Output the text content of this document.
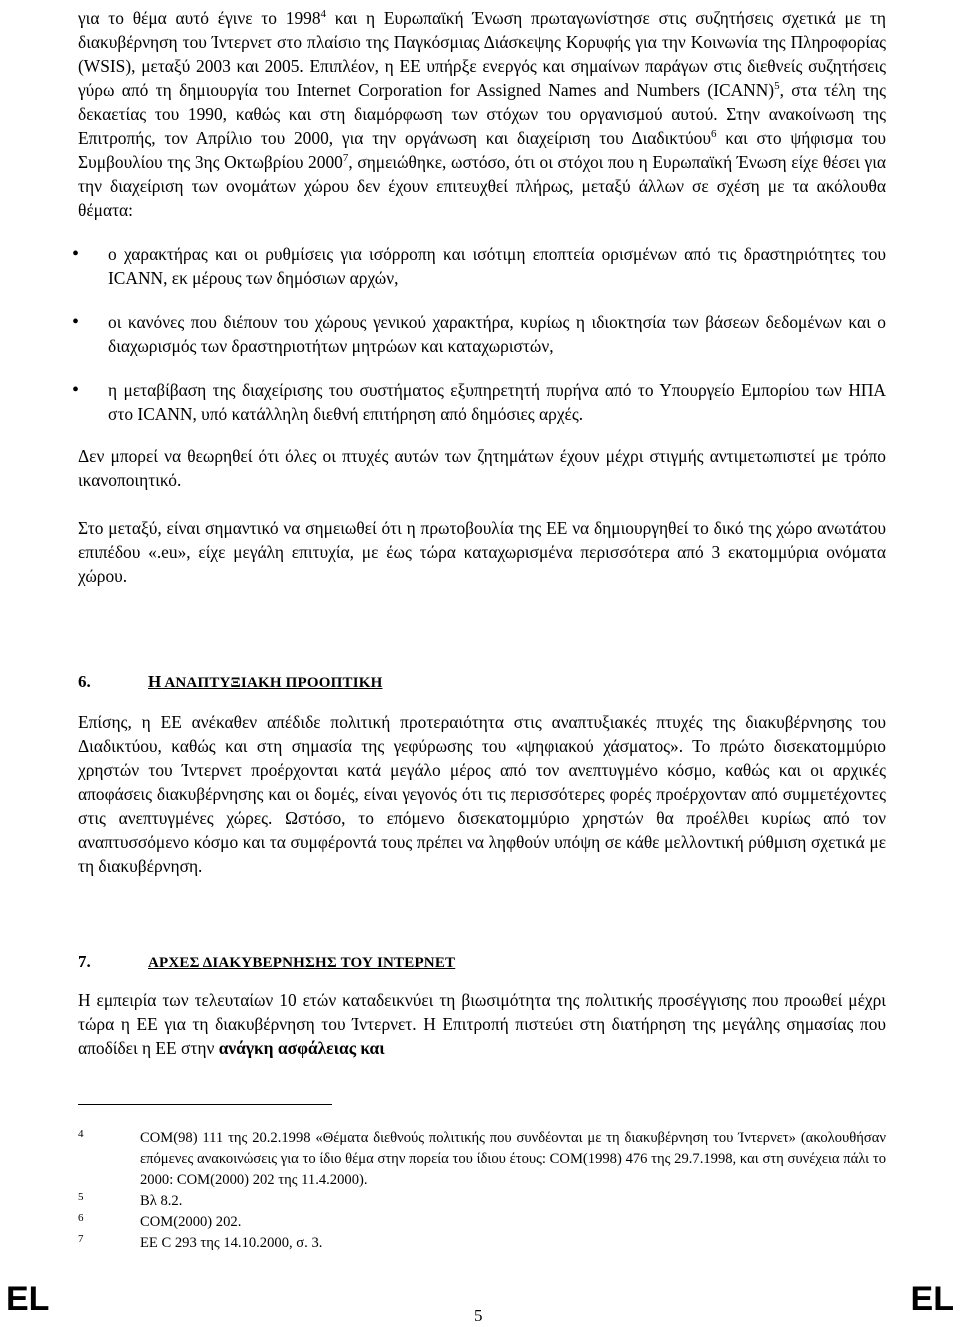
για το θέμα αυτό έγινε το 1998$^4$ και η Ευρωπαϊκή Ένωση πρωταγωνίστησε στις συζητήσεις σχετικά με τη διακυβέρνηση του Ίντερνετ στο πλαίσιο της Παγκόσμιας Διάσκεψης Κορυφής για την Κοινωνία της Πληροφορίας (WSIS), μεταξύ 2003 και 2005. Επιπλέον, η ΕΕ υπήρξε ενεργός και σημαίνων παράγων στις διεθνείς συζητήσεις γύρω από τη δημιουργία του Internet Corporation for Assigned Names and Numbers (ICANN)$^5$, στα τέλη της δεκαετίας του 1990, καθώς και στη διαμόρφωση των στόχων του οργανισμού αυτού. Στην ανακοίνωση της Επιτροπής, τον Απρίλιο του 2000, για την οργάνωση και διαχείριση του Διαδικτύου$^6$ και στο ψήφισμα του Συμβουλίου της 3ης Οκτωβρίου 2000$^7$, σημειώθηκε, ωστόσο, ότι οι στόχοι που η Ευρωπαϊκή Ένωση είχε θέσει για την διαχείριση των ονομάτων χώρου δεν έχουν επιτευχθεί πλήρως, μεταξύ άλλων σε σχέση με τα ακόλουθα θέματα:

• ο χαρακτήρας και οι ρυθμίσεις για ισόρροπη και ισότιμη εποπτεία ορισμένων από τις δραστηριότητες του ICANN, εκ μέρους των δημόσιων αρχών,
• οι κανόνες που διέπουν του χώρους γενικού χαρακτήρα, κυρίως η ιδιοκτησία των βάσεων δεδομένων και ο διαχωρισμός των δραστηριοτήτων μητρώων και καταχωριστών,
• η μεταβίβαση της διαχείρισης του συστήματος εξυπηρετητή πυρήνα από το Υπουργείο Εμπορίου των ΗΠΑ στο ICANN, υπό κατάλληλη διεθνή επιτήρηση από δημόσιες αρχές.

Δεν μπορεί να θεωρηθεί ότι όλες οι πτυχές αυτών των ζητημάτων έχουν μέχρι στιγμής αντιμετωπιστεί με τρόπο ικανοποιητικό.

Στο μεταξύ, είναι σημαντικό να σημειωθεί ότι η πρωτοβουλία της ΕΕ να δημιουργηθεί το δικό της χώρο ανωτάτου επιπέδου «.eu», είχε μεγάλη επιτυχία, με έως τώρα καταχωρισμένα περισσότερα από 3 εκατομμύρια ονόματα χώρου.

6.	Η ΑΝΑΠΤΥΞΙΑΚΗ ΠΡΟΟΠΤΙΚΗ

Επίσης, η ΕΕ ανέκαθεν απέδιδε πολιτική προτεραιότητα στις αναπτυξιακές πτυχές της διακυβέρνησης του Διαδικτύου, καθώς και στη σημασία της γεφύρωσης του «ψηφιακού χάσματος». Το πρώτο δισεκατομμύριο χρηστών του Ίντερνετ προέρχονται κατά μεγάλο μέρος από τον ανεπτυγμένο κόσμο, καθώς και οι αρχικές αποφάσεις διακυβέρνησης και οι δομές, είναι γεγονός ότι τις περισσότερες φορές προέρχονταν από συμμετέχοντες στις ανεπτυγμένες χώρες. Ωστόσο, το επόμενο δισεκατομμύριο χρηστών θα προέλθει κυρίως από τον αναπτυσσόμενο κόσμο και τα συμφέροντά τους πρέπει να ληφθούν υπόψη σε κάθε μελλοντική ρύθμιση σχετικά με τη διακυβέρνηση.

7.	ΑΡΧΕΣ ΔΙΑΚΥΒΕΡΝΗΣΗΣ ΤΟΥ ΙΝΤΕΡΝΕΤ

Η εμπειρία των τελευταίων 10 ετών καταδεικνύει τη βιωσιμότητα της πολιτικής προσέγγισης που προωθεί μέχρι τώρα η ΕΕ για τη διακυβέρνηση του Ίντερνετ. Η Επιτροπή πιστεύει στη διατήρηση της μεγάλης σημασίας που αποδίδει η ΕΕ στην ανάγκη ασφάλειας και

4	COM(98) 111 της 20.2.1998 «Θέματα διεθνούς πολιτικής που συνδέονται με τη διακυβέρνηση του Ίντερνετ» (ακολουθήσαν επόμενες ανακοινώσεις για το ίδιο θέμα στην πορεία του ίδιου έτους: COM(1998) 476 της 29.7.1998, και στη συνέχεια πάλι το 2000: COM(2000) 202 της 11.4.2000).
5	Βλ 8.2.
6	COM(2000) 202.
7	ΕΕ C 293 της 14.10.2000, σ. 3.
EL	5	EL
